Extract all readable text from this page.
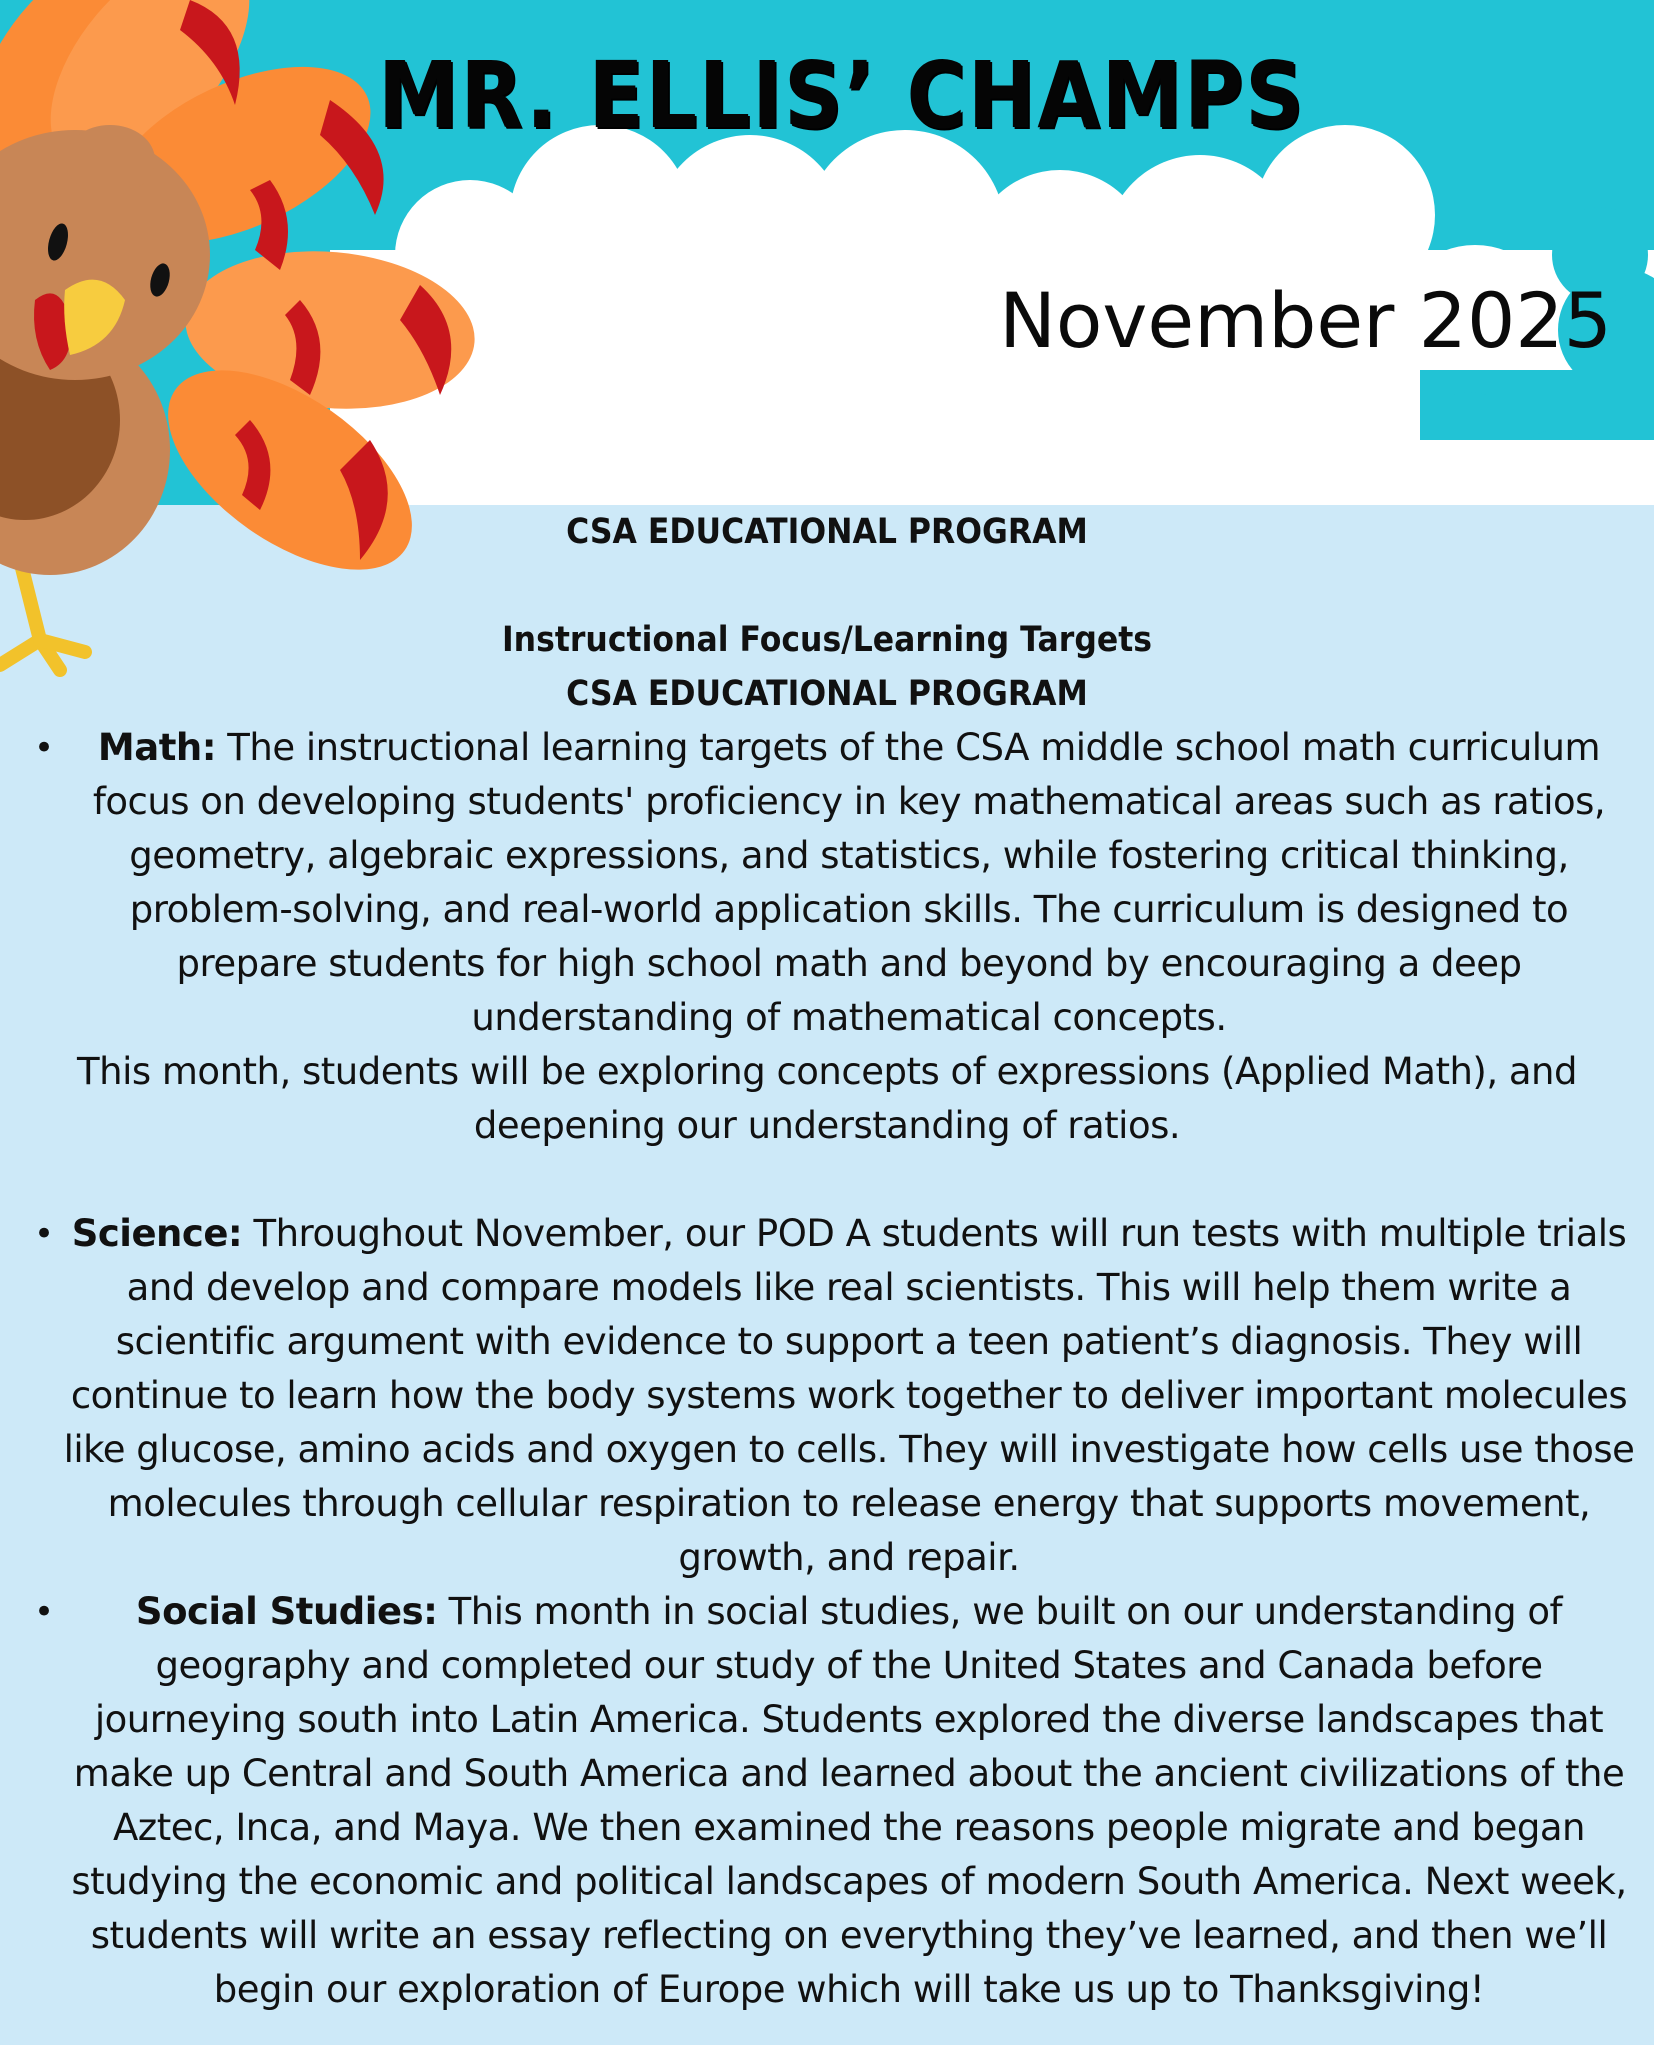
MR. ELLIS’ CHAMPS
November 2025
CSA EDUCATIONAL PROGRAM
Instructional Focus/Learning Targets
CSA EDUCATIONAL PROGRAM
• Math: The instructional learning targets of the CSA middle school math curriculum focus on developing students' proficiency in key mathematical areas such as ratios, geometry, algebraic expressions, and statistics, while fostering critical thinking, problem-solving, and real-world application skills. The curriculum is designed to prepare students for high school math and beyond by encouraging a deep understanding of mathematical concepts.
This month, students will be exploring concepts of expressions (Applied Math), and deepening our understanding of ratios.
• Science: Throughout November, our POD A students will run tests with multiple trials and develop and compare models like real scientists. This will help them write a scientific argument with evidence to support a teen patient’s diagnosis. They will continue to learn how the body systems work together to deliver important molecules like glucose, amino acids and oxygen to cells. They will investigate how cells use those molecules through cellular respiration to release energy that supports movement, growth, and repair.
• Social Studies: This month in social studies, we built on our understanding of geography and completed our study of the United States and Canada before journeying south into Latin America. Students explored the diverse landscapes that make up Central and South America and learned about the ancient civilizations of the Aztec, Inca, and Maya. We then examined the reasons people migrate and began studying the economic and political landscapes of modern South America. Next week, students will write an essay reflecting on everything they’ve learned, and then we’ll begin our exploration of Europe which will take us up to Thanksgiving!
